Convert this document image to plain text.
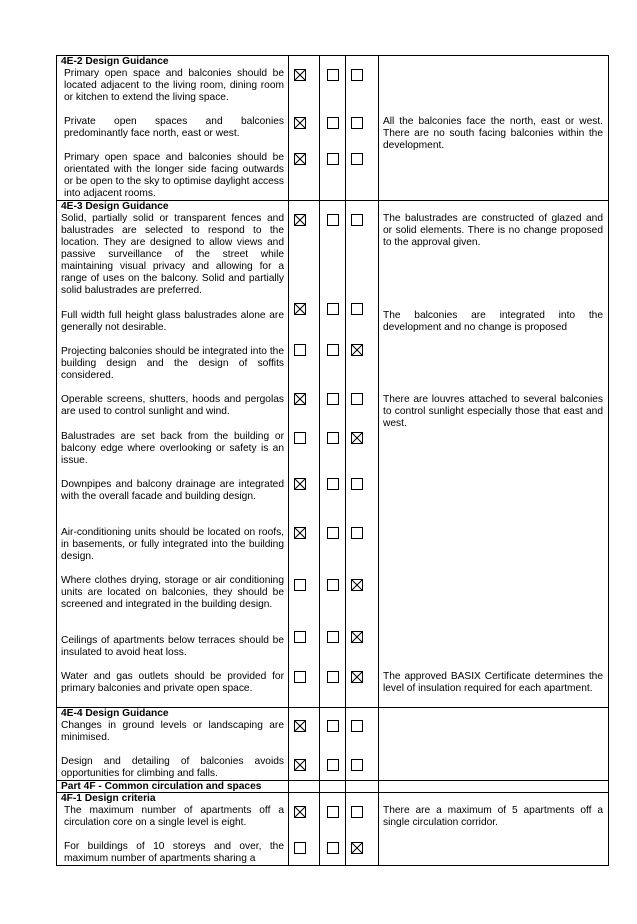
4E-2 Design Guidance
4E-3 Design Guidance
4E-4 Design Guidance
Part 4F - Common circulation and spaces
4F-1 Design criteria
Primary open space and balconies should be located adjacent to the living room, dining room or kitchen to extend the living space.
Private open spaces and balconies predominantly face north, east or west.
Primary open space and balconies should be orientated with the longer side facing outwards or be open to the sky to optimise daylight access into adjacent rooms.
Solid, partially solid or transparent fences and balustrades are selected to respond to the location. They are designed to allow views and passive surveillance of the street while maintaining visual privacy and allowing for a range of uses on the balcony. Solid and partially solid balustrades are preferred.
Full width full height glass balustrades alone are generally not desirable.
Projecting balconies should be integrated into the building design and the design of soffits considered.
Operable screens, shutters, hoods and pergolas are used to control sunlight and wind.
Balustrades are set back from the building or balcony edge where overlooking or safety is an issue.
Downpipes and balcony drainage are integrated with the overall facade and building design.
Air-conditioning units should be located on roofs, in basements, or fully integrated into the building design.
Where clothes drying, storage or air conditioning units are located on balconies, they should be screened and integrated in the building design.
Ceilings of apartments below terraces should be insulated to avoid heat loss.
Water and gas outlets should be provided for primary balconies and private open space.
Changes in ground levels or landscaping are minimised.
Design and detailing of balconies avoids opportunities for climbing and falls.
The maximum number of apartments off a circulation core on a single level is eight.
For buildings of 10 storeys and over, the maximum number of apartments sharing a
All the balconies face the north, east or west. There are no south facing balconies within the development.
The balustrades are constructed of glazed and or solid elements. There is no change proposed to the approval given.
The balconies are integrated into the development and no change is proposed
There are louvres attached to several balconies to control sunlight especially those that east and west.
The approved BASIX Certificate determines the level of insulation required for each apartment.
There are a maximum of 5 apartments off a single circulation corridor.
